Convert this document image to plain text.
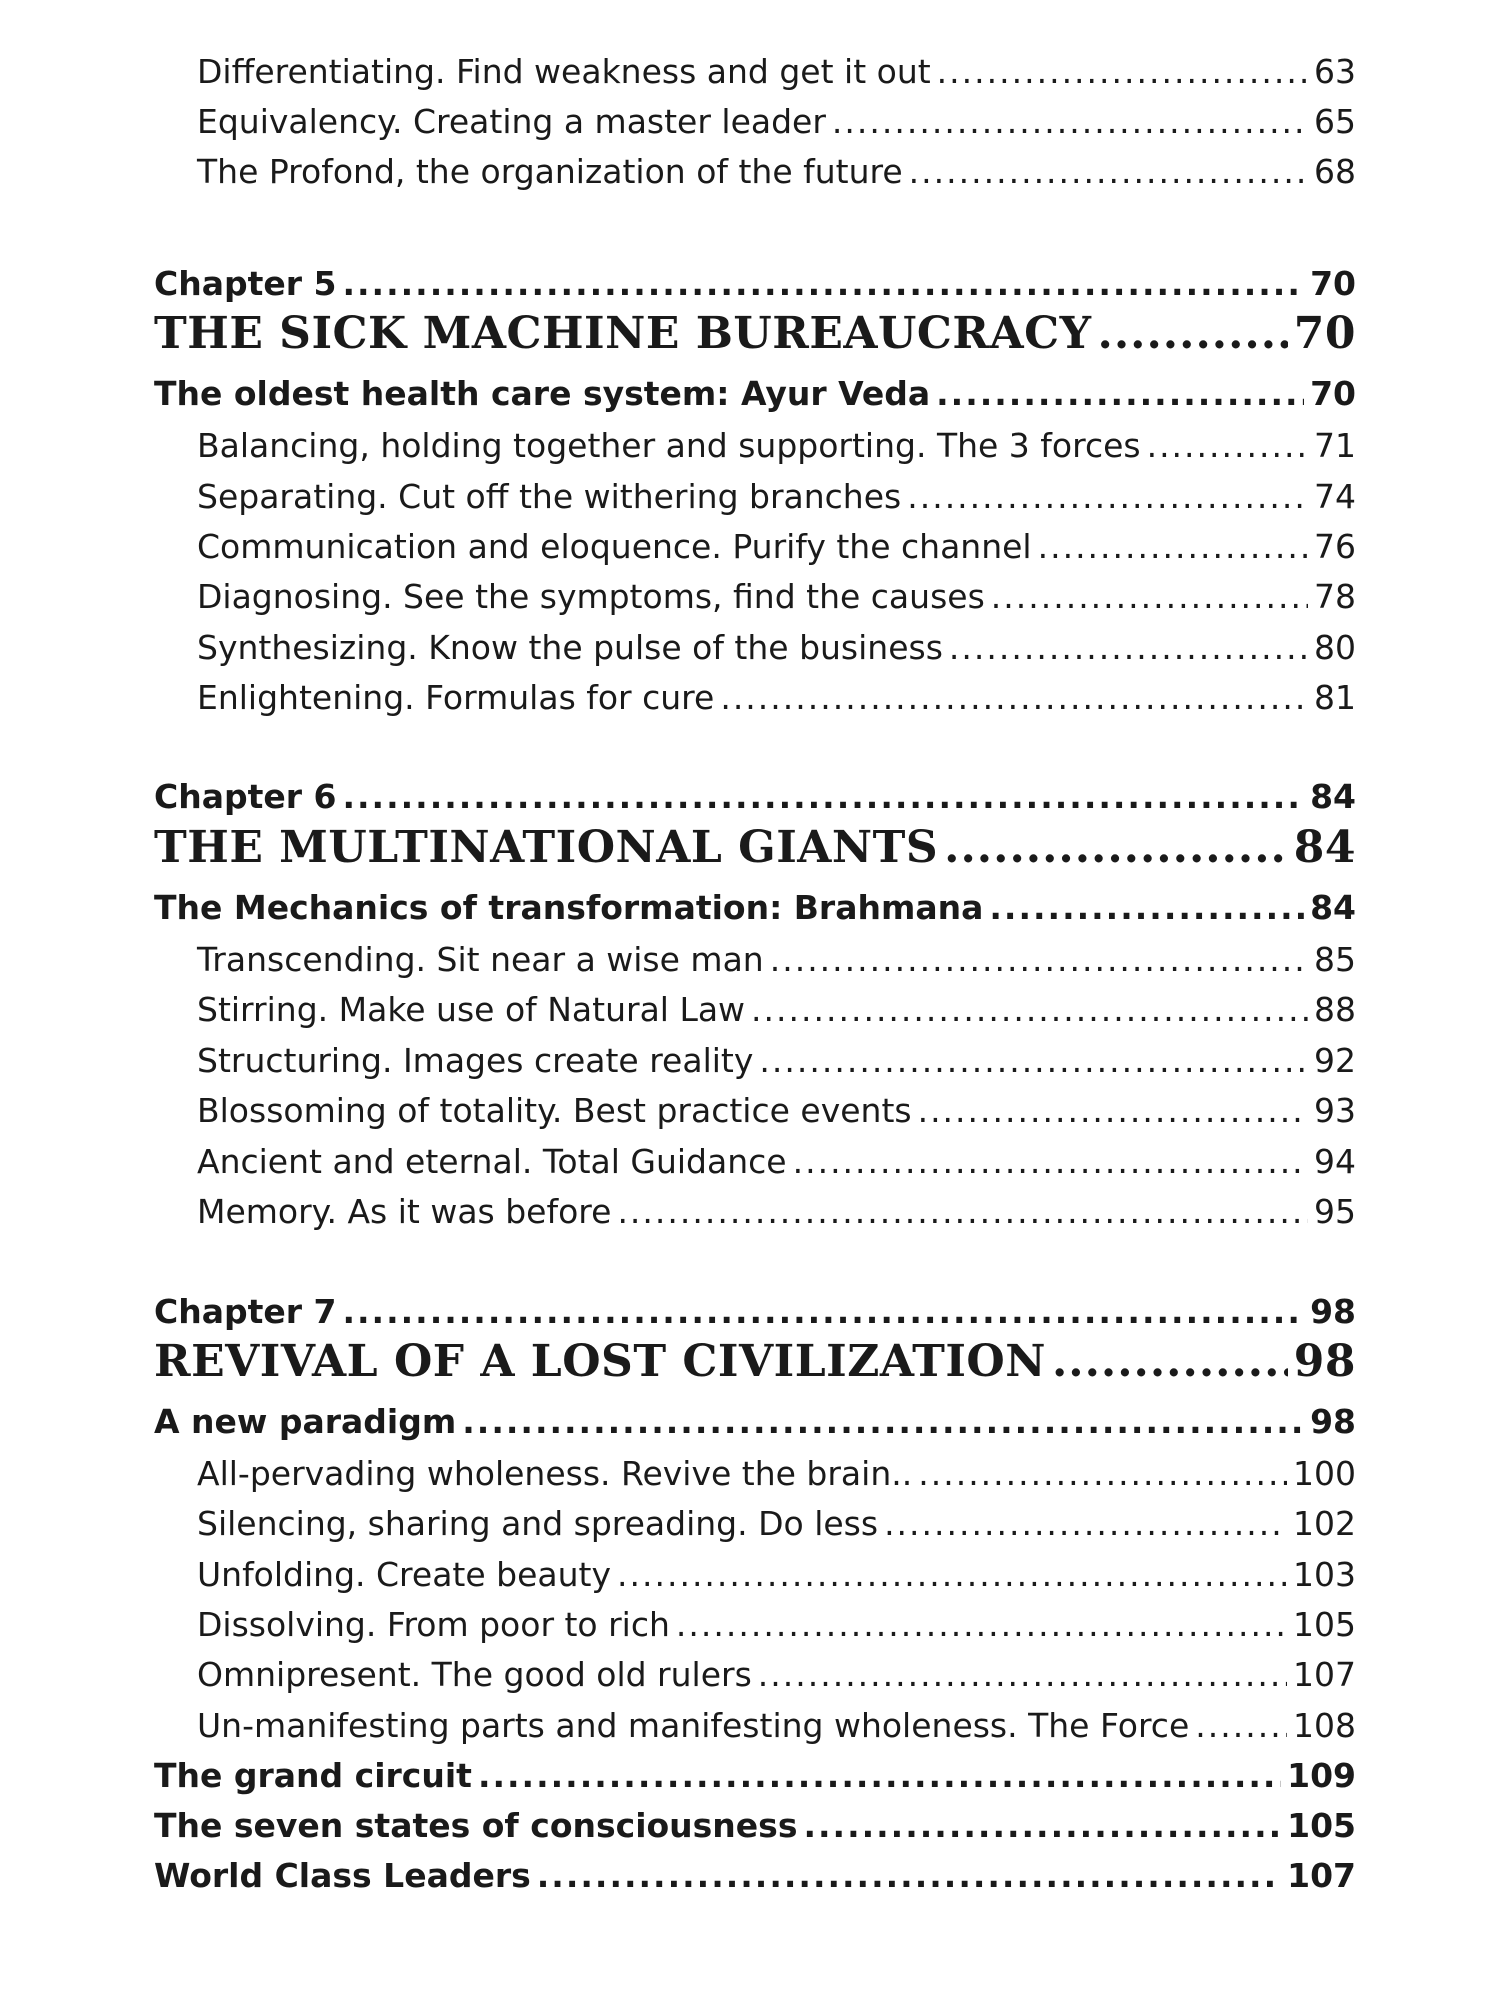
Differentiating. Find weakness and get it out .....	63
Equivalency. Creating a master leader .....	65
The Profond, the organization of the future .....	68
Chapter 5 .....	70
THE SICK MACHINE BUREAUCRACY .....	70
The oldest health care system: Ayur Veda .....	70
Balancing, holding together and supporting. The 3 forces .....	71
Separating. Cut off the withering branches .....	74
Communication and eloquence. Purify the channel .....	76
Diagnosing. See the symptoms, find the causes .....	78
Synthesizing. Know the pulse of the business .....	80
Enlightening. Formulas for cure .....	81
Chapter 6 .....	84
THE MULTINATIONAL GIANTS .....	84
The Mechanics of transformation: Brahmana .....	84
Transcending. Sit near a wise man .....	85
Stirring. Make use of Natural Law .....	88
Structuring. Images create reality .....	92
Blossoming of totality. Best practice events .....	93
Ancient and eternal. Total Guidance .....	94
Memory. As it was before .....	95
Chapter 7 .....	98
REVIVAL OF A LOST CIVILIZATION .....	98
A new paradigm .....	98
All-pervading wholeness. Revive the brain.. .....	100
Silencing, sharing and spreading. Do less .....	102
Unfolding. Create beauty .....	103
Dissolving. From poor to rich .....	105
Omnipresent. The good old rulers .....	107
Un-manifesting parts and manifesting wholeness. The Force .....	108
The grand circuit .....	109
The seven states of consciousness .....	105
World Class Leaders .....	107
